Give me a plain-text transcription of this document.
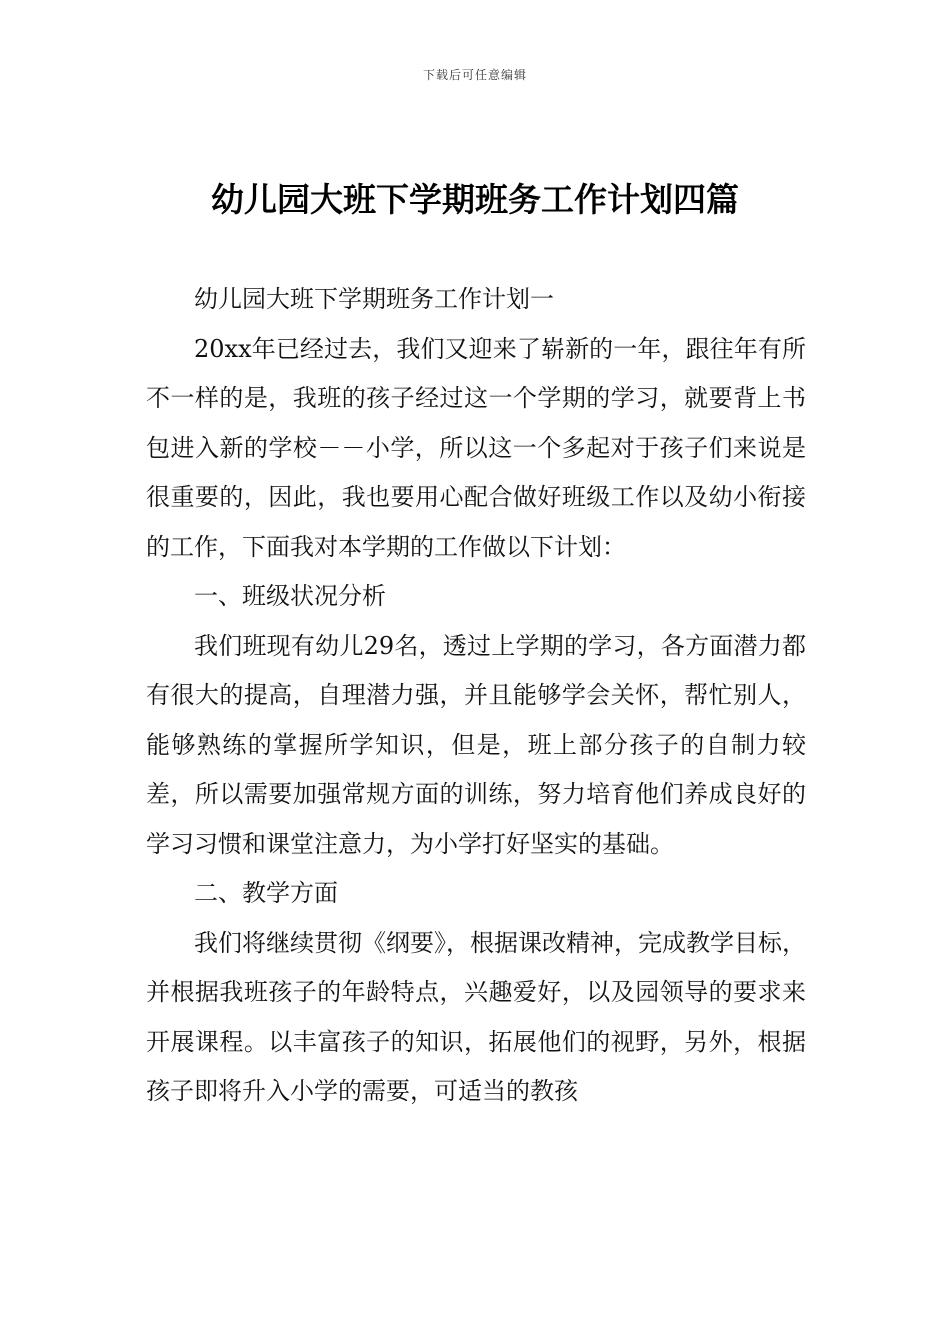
下载后可任意编辑
幼儿园大班下学期班务工作计划四篇

幼儿园大班下学期班务工作计划一

20xx年已经过去，我们又迎来了崭新的一年，跟往年有所不一样的是，我班的孩子经过这一个学期的学习，就要背上书包进入新的学校－－小学，所以这一个多起对于孩子们来说是很重要的，因此，我也要用心配合做好班级工作以及幼小衔接的工作，下面我对本学期的工作做以下计划：

一、班级状况分析

我们班现有幼儿29名，透过上学期的学习，各方面潜力都有很大的提高，自理潜力强，并且能够学会关怀，帮忙别人，能够熟练的掌握所学知识，但是，班上部分孩子的自制力较差，所以需要加强常规方面的训练，努力培育他们养成良好的学习习惯和课堂注意力，为小学打好坚实的基础。

二、教学方面

我们将继续贯彻《纲要》，根据课改精神，完成教学目标，并根据我班孩子的年龄特点，兴趣爱好，以及园领导的要求来开展课程。以丰富孩子的知识，拓展他们的视野，另外，根据孩子即将升入小学的需要，可适当的教孩
